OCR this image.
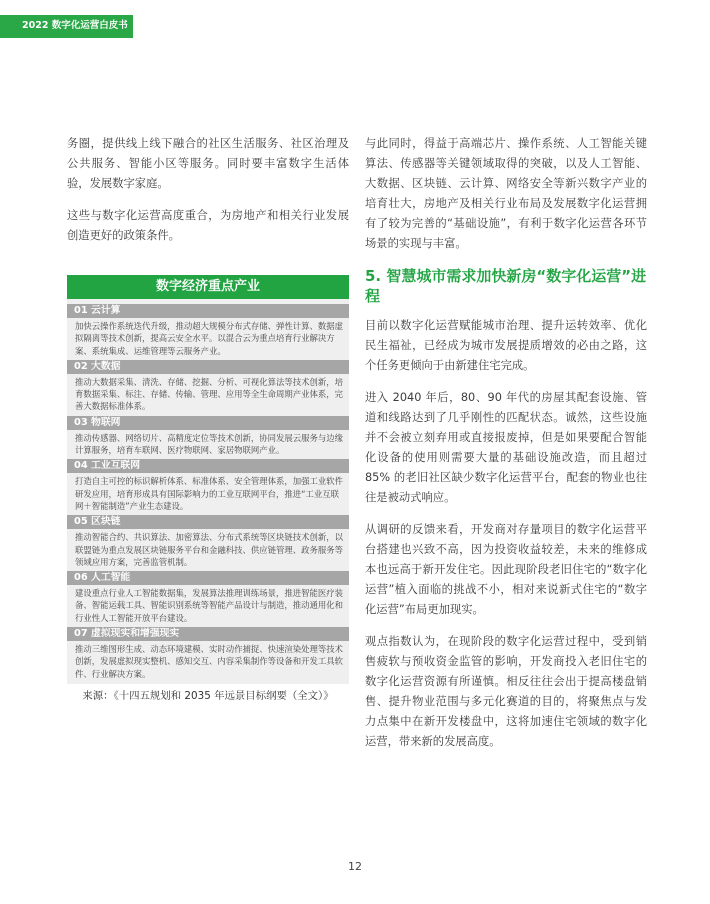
2022 数字化运营白皮书

务圈，提供线上线下融合的社区生活服务、社区治理及公共服务、智能小区等服务。同时要丰富数字生活体验，发展数字家庭。

这些与数字化运营高度重合，为房地产和相关行业发展创造更好的政策条件。

数字经济重点产业
01 云计算

加快云操作系统迭代升级，推动超大规模分布式存储、弹性计算、数据虚拟隔离等技术创新，提高云安全水平。以混合云为重点培育行业解决方案、系统集成、运维管理等云服务产业。

02 大数据

推动大数据采集、清洗、存储、挖掘、分析、可视化算法等技术创新，培育数据采集、标注、存储、传输、管理、应用等全生命周期产业体系，完善大数据标准体系。

03 物联网

推动传感器、网络切片、高精度定位等技术创新，协同发展云服务与边缘计算服务，培育车联网、医疗物联网、家居物联网产业。

04 工业互联网

打造自主可控的标识解析体系、标准体系、安全管理体系，加强工业软件研发应用，培育形成具有国际影响力的工业互联网平台，推进“工业互联网＋智能制造”产业生态建设。

05 区块链

推动智能合约、共识算法、加密算法、分布式系统等区块链技术创新，以联盟链为重点发展区块链服务平台和金融科技、供应链管理、政务服务等领域应用方案，完善监管机制。

06 人工智能

建设重点行业人工智能数据集，发展算法推理训练场景，推进智能医疗装备、智能运载工具、智能识别系统等智能产品设计与制造，推动通用化和行业性人工智能开放平台建设。

07 虚拟现实和增强现实

推动三维图形生成、动态环境建模、实时动作捕捉、快速渲染处理等技术创新，发展虚拟现实整机、感知交互、内容采集制作等设备和开发工具软件、行业解决方案。

来源：《十四五规划和 2035 年远景目标纲要（全文）》

与此同时，得益于高端芯片、操作系统、人工智能关键算法、传感器等关键领域取得的突破，以及人工智能、大数据、区块链、云计算、网络安全等新兴数字产业的培育壮大，房地产及相关行业布局及发展数字化运营拥有了较为完善的“基础设施”，有利于数字化运营各环节场景的实现与丰富。

5. 智慧城市需求加快新房“数字化运营”进程

目前以数字化运营赋能城市治理、提升运转效率、优化民生福祉，已经成为城市发展提质增效的必由之路，这个任务更倾向于由新建住宅完成。

进入 2040 年后，80、90 年代的房屋其配套设施、管道和线路达到了几乎刚性的匹配状态。诚然，这些设施并不会被立刻弃用或直接报废掉，但是如果要配合智能化设备的使用则需要大量的基础设施改造，而且超过 85% 的老旧社区缺少数字化运营平台，配套的物业也往往是被动式响应。

从调研的反馈来看，开发商对存量项目的数字化运营平台搭建也兴致不高，因为投资收益较差，未来的维修成本也远高于新开发住宅。因此现阶段老旧住宅的“数字化运营”植入面临的挑战不小，相对来说新式住宅的“数字化运营”布局更加现实。

观点指数认为，在现阶段的数字化运营过程中，受到销售疲软与预收资金监管的影响，开发商投入老旧住宅的数字化运营资源有所谨慎。相反往往会出于提高楼盘销售、提升物业范围与多元化赛道的目的，将聚焦点与发力点集中在新开发楼盘中，这将加速住宅领域的数字化运营，带来新的发展高度。

12
